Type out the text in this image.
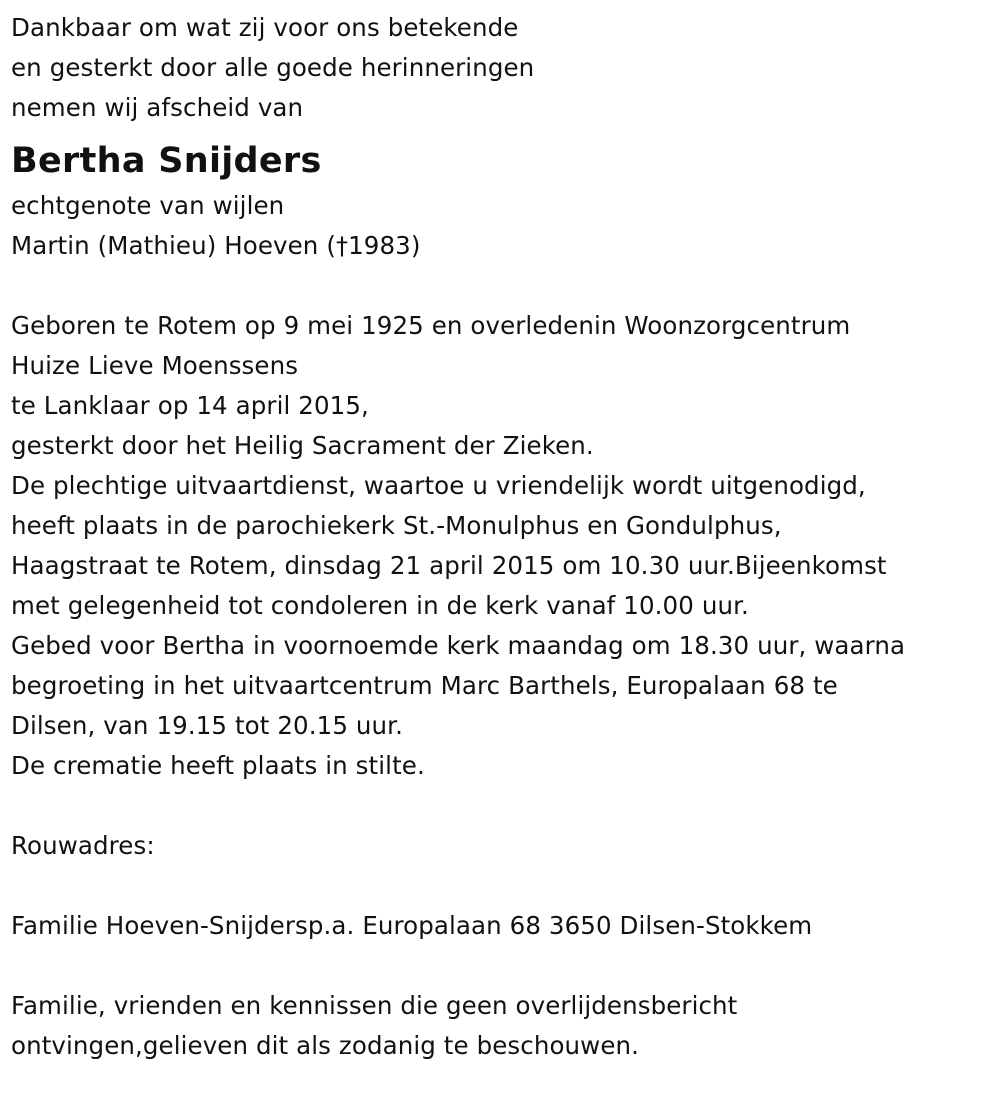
Dankbaar om wat zij voor ons betekende
en gesterkt door alle goede herinneringen
nemen wij afscheid van
Bertha Snijders
echtgenote van wijlen
Martin (Mathieu) Hoeven (†1983)
Geboren te Rotem op 9 mei 1925 en overledenin Woonzorgcentrum
Huize Lieve Moenssens
te Lanklaar op 14 april 2015,
gesterkt door het Heilig Sacrament der Zieken.
De plechtige uitvaartdienst, waartoe u vriendelijk wordt uitgenodigd,
heeft plaats in de parochiekerk St.-Monulphus en Gondulphus,
Haagstraat te Rotem, dinsdag 21 april 2015 om 10.30 uur.Bijeenkomst
met gelegenheid tot condoleren in de kerk vanaf 10.00 uur.
Gebed voor Bertha in voornoemde kerk maandag om 18.30 uur, waarna
begroeting in het uitvaartcentrum Marc Barthels, Europalaan 68 te
Dilsen, van 19.15 tot 20.15 uur.
De crematie heeft plaats in stilte.
Rouwadres:
Familie Hoeven-Snijdersp.a. Europalaan 68 3650 Dilsen-Stokkem
Familie, vrienden en kennissen die geen overlijdensbericht
ontvingen,gelieven dit als zodanig te beschouwen.
